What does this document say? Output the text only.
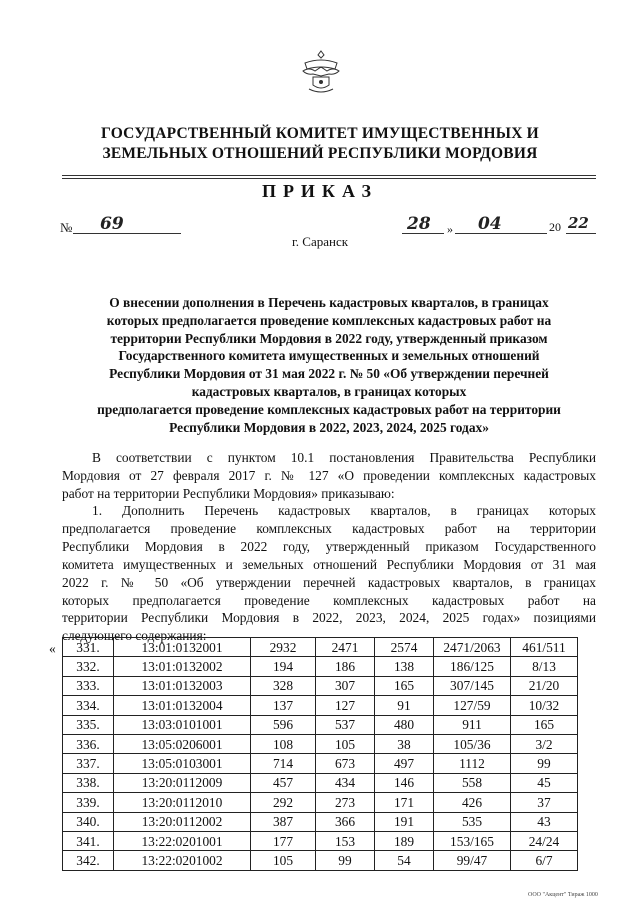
ГОСУДАРСТВЕННЫЙ КОМИТЕТ ИМУЩЕСТВЕННЫХ И
ЗЕМЕЛЬНЫХ ОТНОШЕНИЙ РЕСПУБЛИКИ МОРДОВИЯ
ПРИКАЗ
№ 69	28 » 04	20 22
г. Саранск
О внесении дополнения в Перечень кадастровых кварталов, в границах
которых предполагается проведение комплексных кадастровых работ на
территории Республики Мордовия в 2022 году, утвержденный приказом
Государственного комитета имущественных и земельных отношений
Республики Мордовия от 31 мая 2022 г. № 50 «Об утверждении перечней
кадастровых кварталов, в границах которых
предполагается проведение комплексных кадастровых работ на территории
Республики Мордовия в 2022, 2023, 2024, 2025 годах»
В соответствии с пунктом 10.1 постановления Правительства Республики
Мордовия от 27 февраля 2017 г. № 127 «О проведении комплексных кадастровых
работ на территории Республики Мордовия» приказываю:
1. Дополнить Перечень кадастровых кварталов, в границах которых
предполагается проведение комплексных кадастровых работ на территории
Республики Мордовия в 2022 году, утвержденный приказом Государственного
комитета имущественных и земельных отношений Республики Мордовия от 31 мая
2022 г. № 50 «Об утверждении перечней кадастровых кварталов, в границах
которых предполагается проведение комплексных кадастровых работ на
территории Республики Мордовия в 2022, 2023, 2024, 2025 годах» позициями
следующего содержания:
« 331.	13:01:0132001	2932	2471	2574	2471/2063	461/511
332.	13:01:0132002	194	186	138	186/125	8/13
333.	13:01:0132003	328	307	165	307/145	21/20
334.	13:01:0132004	137	127	91	127/59	10/32
335.	13:03:0101001	596	537	480	911	165
336.	13:05:0206001	108	105	38	105/36	3/2
337.	13:05:0103001	714	673	497	1112	99
338.	13:20:0112009	457	434	146	558	45
339.	13:20:0112010	292	273	171	426	37
340.	13:20:0112002	387	366	191	535	43
341.	13:22:0201001	177	153	189	153/165	24/24
342.	13:22:0201002	105	99	54	99/47	6/7
ООО "Акцент" Тираж 1000
